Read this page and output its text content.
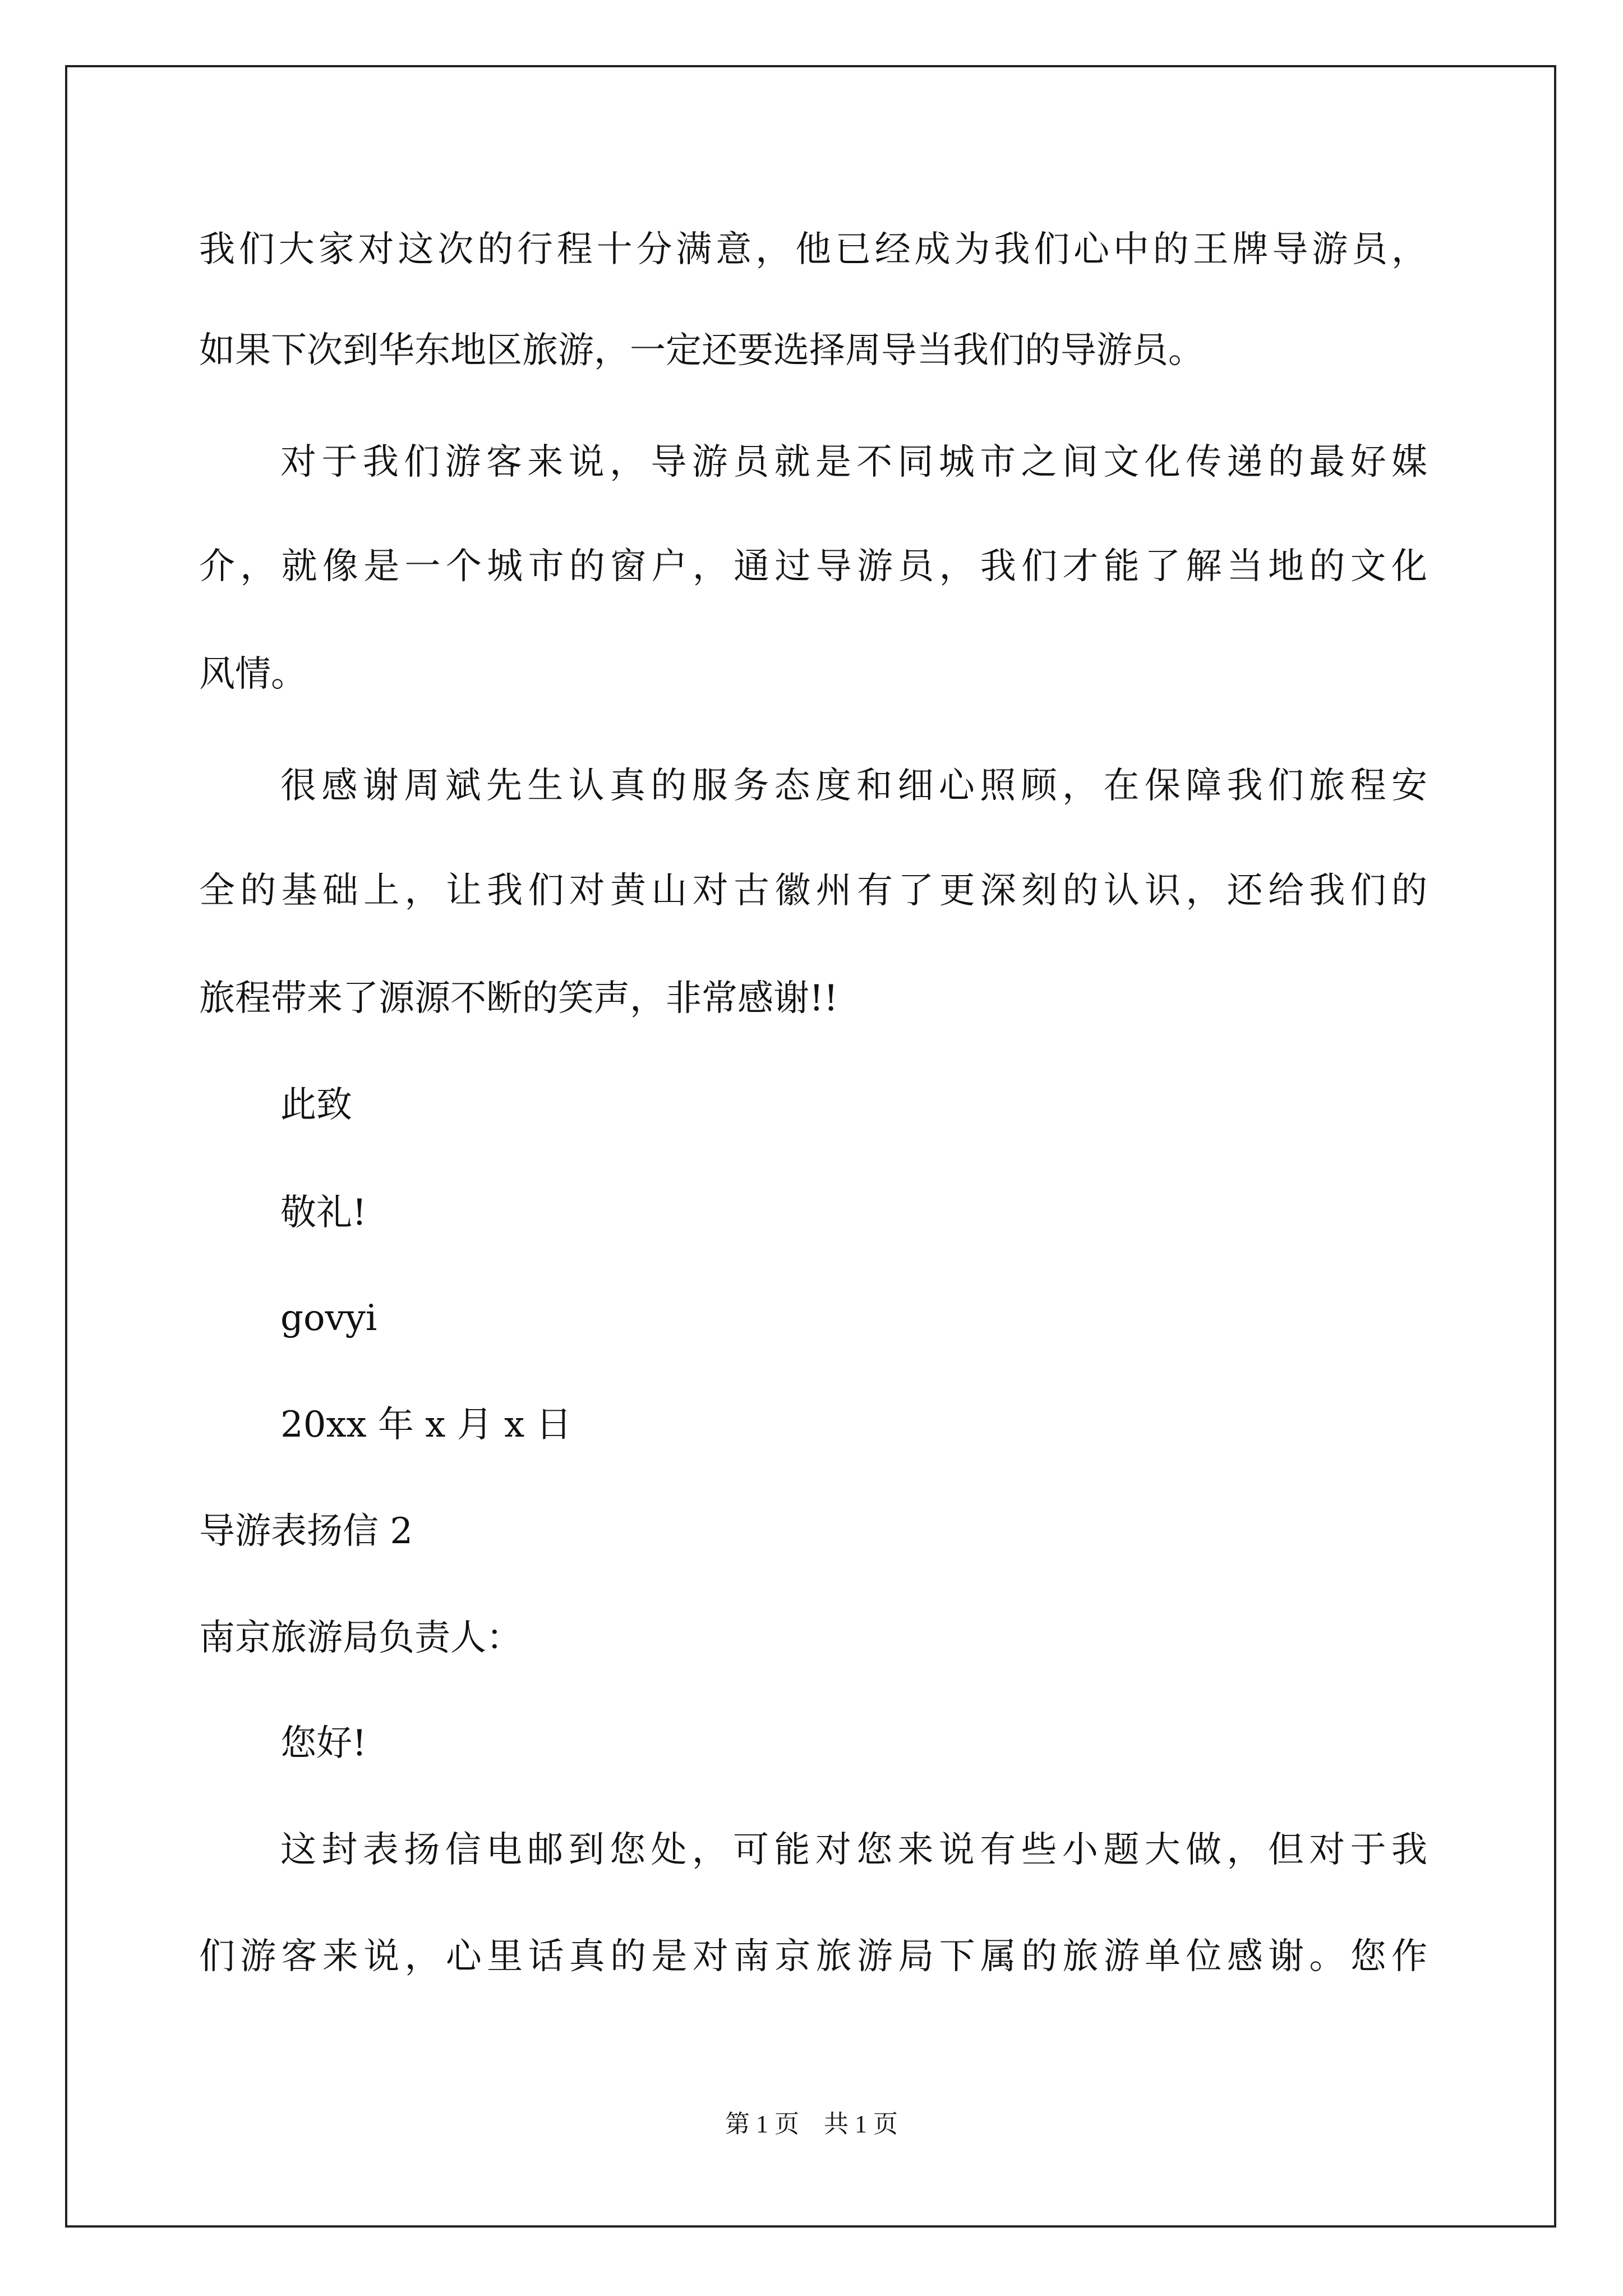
我们大家对这次的行程十分满意，他已经成为我们心中的王牌导游员，

如果下次到华东地区旅游，一定还要选择周导当我们的导游员。

对于我们游客来说，导游员就是不同城市之间文化传递的最好媒

介，就像是一个城市的窗户，通过导游员，我们才能了解当地的文化

风情。

很感谢周斌先生认真的服务态度和细心照顾，在保障我们旅程安

全的基础上，让我们对黄山对古徽州有了更深刻的认识，还给我们的

旅程带来了源源不断的笑声，非常感谢!!

此致

敬礼!

govyi

20xx 年 x 月 x 日

导游表扬信 2

南京旅游局负责人：

您好!

这封表扬信电邮到您处，可能对您来说有些小题大做，但对于我

们游客来说，心里话真的是对南京旅游局下属的旅游单位感谢。您作

第 1 页　共 1 页
